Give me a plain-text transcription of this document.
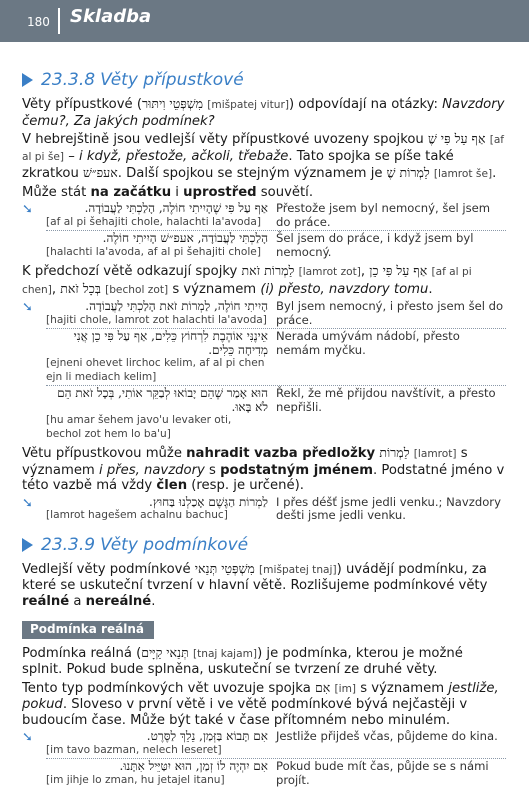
180 Skladba
23.3.8 Věty přípustkové

Věty přípustkové (מִשְׁפְּטֵי וִיתּוּר [mišpatej vitur]) odpovídají na otázky: Navzdory čemu?, Za jakých podmínek?

V hebrejštině jsou vedlejší věty přípustkové uvozeny spojkou אַף עַל פִּי שֶׁ [af al pi še] – i když, přestože, ačkoli, třebaže. Tato spojka se píše také zkratkou אעפ״שׁ. Další spojkou se stejným významem je לַמְרוֹת שֶׁ [lamrot še].

Může stát na začátku i uprostřed souvětí.

➘	אַף עַל פִּי שֶׁהָיִיתִי חוֹלֶה, הָלַכְתִּי לַעֲבוֹדָה.
[af al pi šehajiti chole, halachti la'avoda]
Přestože jsem byl nemocný, šel jsem do práce.
הָלַכְתִּי לַעֲבוֹדָה, אעפ״שׁ הָיִיתִי חוֹלֶה.
[halachti la'avoda, af al pi šehajiti chole]
Šel jsem do práce, i když jsem byl nemocný.

K předchozí větě odkazují spojky לַמְרוֹת זֹאת [lamrot zot], אַף עַל פִּי כֵן [af al pi chen], בְּכָל זֹאת [bechol zot] s významem (i) přesto, navzdory tomu.

➘	הָיִיתִי חוֹלֶה, לַמְרוֹת זֹאת הָלַכְתִּי לַעֲבוֹדָה.
[hajiti chole, lamrot zot halachti la'avoda]
Byl jsem nemocný, i přesto jsem šel do práce.
אֵינֶנִּי אוֹהֶבֶת לִרְחוֹץ כֵּלִים, אַף עַל פִּי כֵן אֲנִי מְדִיחָה כֵּלִים.
[ejneni ohevet lirchoc kelim, af al pi chen ejn li mediach kelim]
Nerada umývám nádobí, přesto nemám myčku.
הוּא אָמַר שֶׁהֵם יָבוֹאוּ לְבַקֵּר אוֹתִי, בְּכָל זֹאת הֵם לֹא בָּאוּ.
[hu amar šehem javo'u levaker oti, bechol zot hem lo ba'u]
Řekl, že mě přijdou navštívit, a přesto nepřišli.

Větu přípustkovou může nahradit vazba předložky לַמְרוֹת [lamrot] s významem i přes, navzdory s podstatným jménem. Podstatné jméno v této vazbě má vždy člen (resp. je určené).

➘	לַמְרוֹת הַגֶּשֶׁם אָכַלְנוּ בַּחוּץ.
[lamrot hagešem achalnu bachuc]
I přes déšť jsme jedli venku.; Navzdory dešti jsme jedli venku.
23.3.9 Věty podmínkové

Vedlejší věty podmínkové מִשְׁפְּטֵי תְּנַאי [mišpatej tnaj]) uvádějí podmínku, za které se uskuteční tvrzení v hlavní větě. Rozlišujeme podmínkové věty reálné a nereálné.

Podmínka reálná

Podmínka reálná (תְּנַאי קַיָּים [tnaj kajam]) je podmínka, kterou je možné splnit. Pokud bude splněna, uskuteční se tvrzení ze druhé věty.

Tento typ podmínkových vět uvozuje spojka אִם [im] s významem jestliže, pokud. Sloveso v první větě i ve větě podmínkové bývá nejčastěji v budoucím čase. Může být také v čase přítomném nebo minulém.

➘	אִם תָּבוֹא בַּזְּמַן, נֵלֵךְ לַסֶּרֶט.
[im tavo bazman, nelech leseret]
Jestliže přijdeš včas, půjdeme do kina.
אִם יִהְיֶה לוֹ זְמַן, הוּא יִטַּיֵּיל אִתָּנוּ.
[im jihje lo zman, hu jetajel itanu]
Pokud bude mít čas, půjde se s námi projít.
